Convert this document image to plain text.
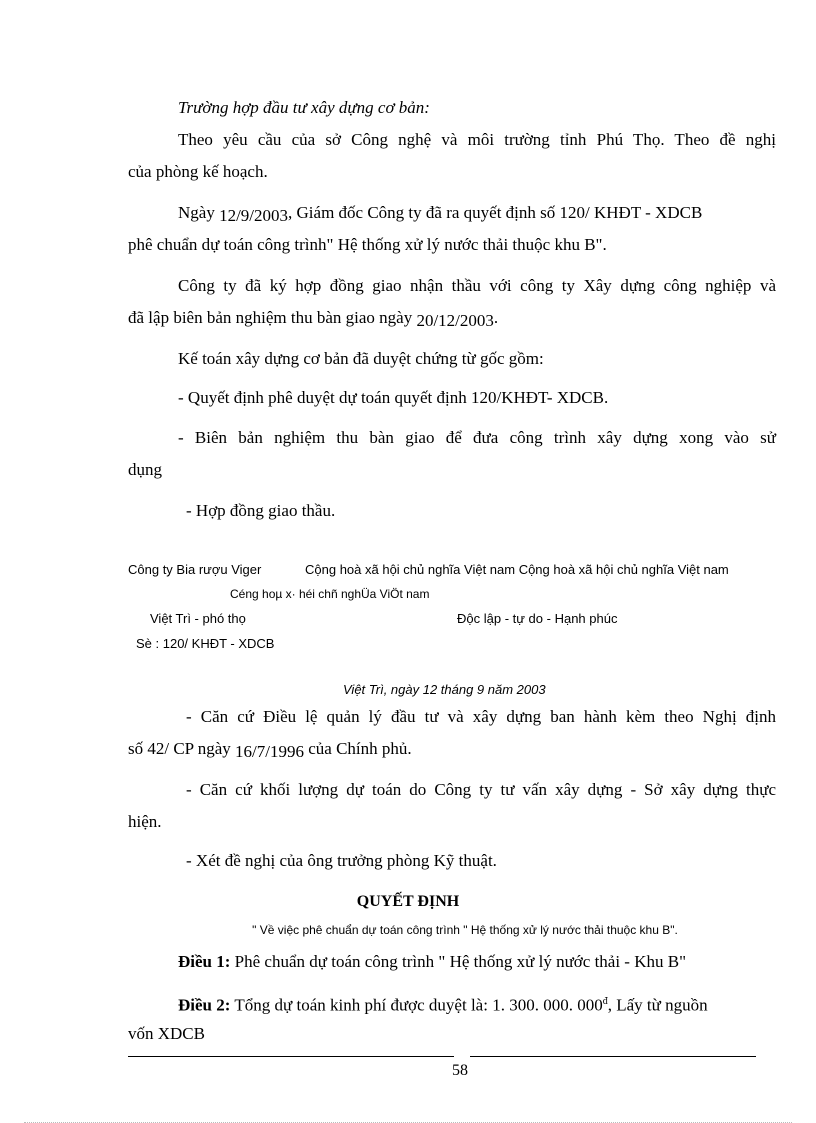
Trường hợp đầu tư xây dựng cơ bản:
Theo yêu cầu của sở Công nghệ và môi trường tỉnh Phú Thọ. Theo đề nghị
của phòng kế hoạch.
Ngày 12/9/2003, Giám đốc Công ty đã ra quyết định số 120/ KHĐT - XDCB
phê chuẩn dự toán công trình" Hệ thống xử lý nước thải thuộc khu B".
Công ty đã ký hợp đồng giao nhận thầu với công ty Xây dựng công nghiệp và
đã lập biên bản nghiệm thu bàn giao ngày 20/12/2003.
Kế toán xây dựng cơ bản đã duyệt chứng từ gốc gồm:
- Quyết định phê duyệt dự toán quyết định 120/KHĐT- XDCB.
- Biên bản nghiệm thu bàn giao để đưa công trình xây dựng xong vào sử
dụng
- Hợp đồng giao thầu.
Công ty Bia rượu Viger	Cộng hoà xã hội chủ nghĩa Việt nam Cộng hoà xã hội chủ nghĩa Việt nam
Céng hoµ x· héi chñ nghÜa ViÖt nam
Việt Trì - phó thọ	Độc lập - tự do - Hạnh phúc
Sè : 120/ KHĐT - XDCB
Việt Trì, ngày 12 tháng 9 năm 2003
- Căn cứ Điều lệ quản lý đầu tư và xây dựng ban hành kèm theo Nghị định
số 42/ CP ngày 16/7/1996 của Chính phủ.
- Căn cứ khối lượng dự toán do Công ty tư vấn xây dựng - Sở xây dựng thực
hiện.
- Xét đề nghị của ông trưởng phòng Kỹ thuật.
QUYẾT ĐỊNH
" Về việc phê chuẩn dự toán công trình " Hệ thống xử lý nước thải thuộc khu B".
Điều 1: Phê chuẩn dự toán công trình " Hệ thống xử lý nước thải - Khu B"
Điều 2: Tổng dự toán kinh phí được duyệt là: 1. 300. 000. $000^đ$, Lấy từ nguồn
vốn XDCB
58
